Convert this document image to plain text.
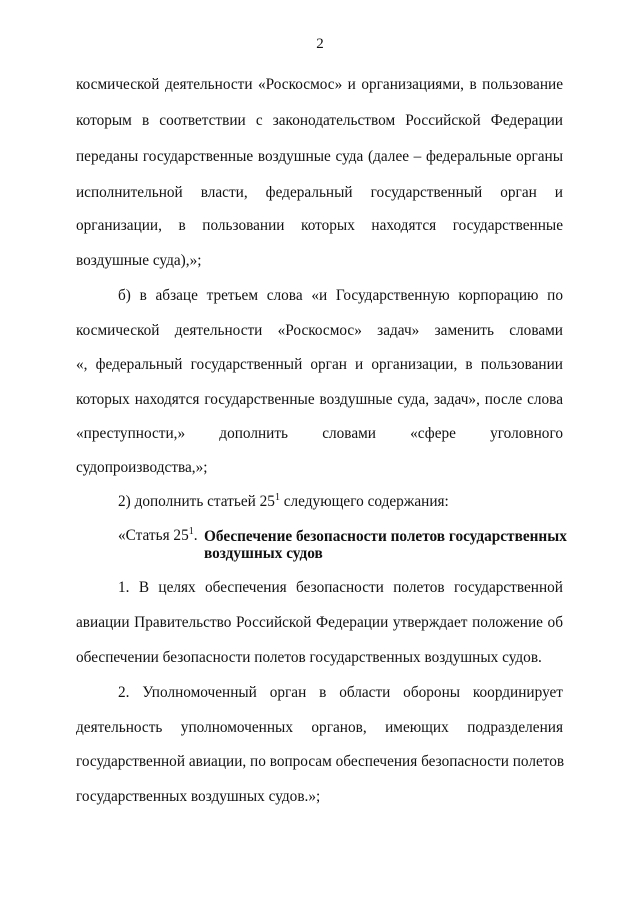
2
космической деятельности «Роскосмос» и организациями, в пользование
которым в соответствии с законодательством Российской Федерации
переданы государственные воздушные суда (далее – федеральные органы
исполнительной власти, федеральный государственный орган и
организации, в пользовании которых находятся государственные
воздушные суда),»;
б) в абзаце третьем слова «и Государственную корпорацию по
космической деятельности «Роскосмос» задач» заменить словами
«, федеральный государственный орган и организации, в пользовании
которых находятся государственные воздушные суда, задач», после слова
«преступности,» дополнить словами «сфере уголовного
судопроизводства,»;
2) дополнить статьей $25^1$ следующего содержания:
«Статья $25^1$. Обеспечение безопасности полетов государственных
воздушных судов
1. В целях обеспечения безопасности полетов государственной
авиации Правительство Российской Федерации утверждает положение об
обеспечении безопасности полетов государственных воздушных судов.
2. Уполномоченный орган в области обороны координирует
деятельность уполномоченных органов, имеющих подразделения
государственной авиации, по вопросам обеспечения безопасности полетов
государственных воздушных судов.»;
